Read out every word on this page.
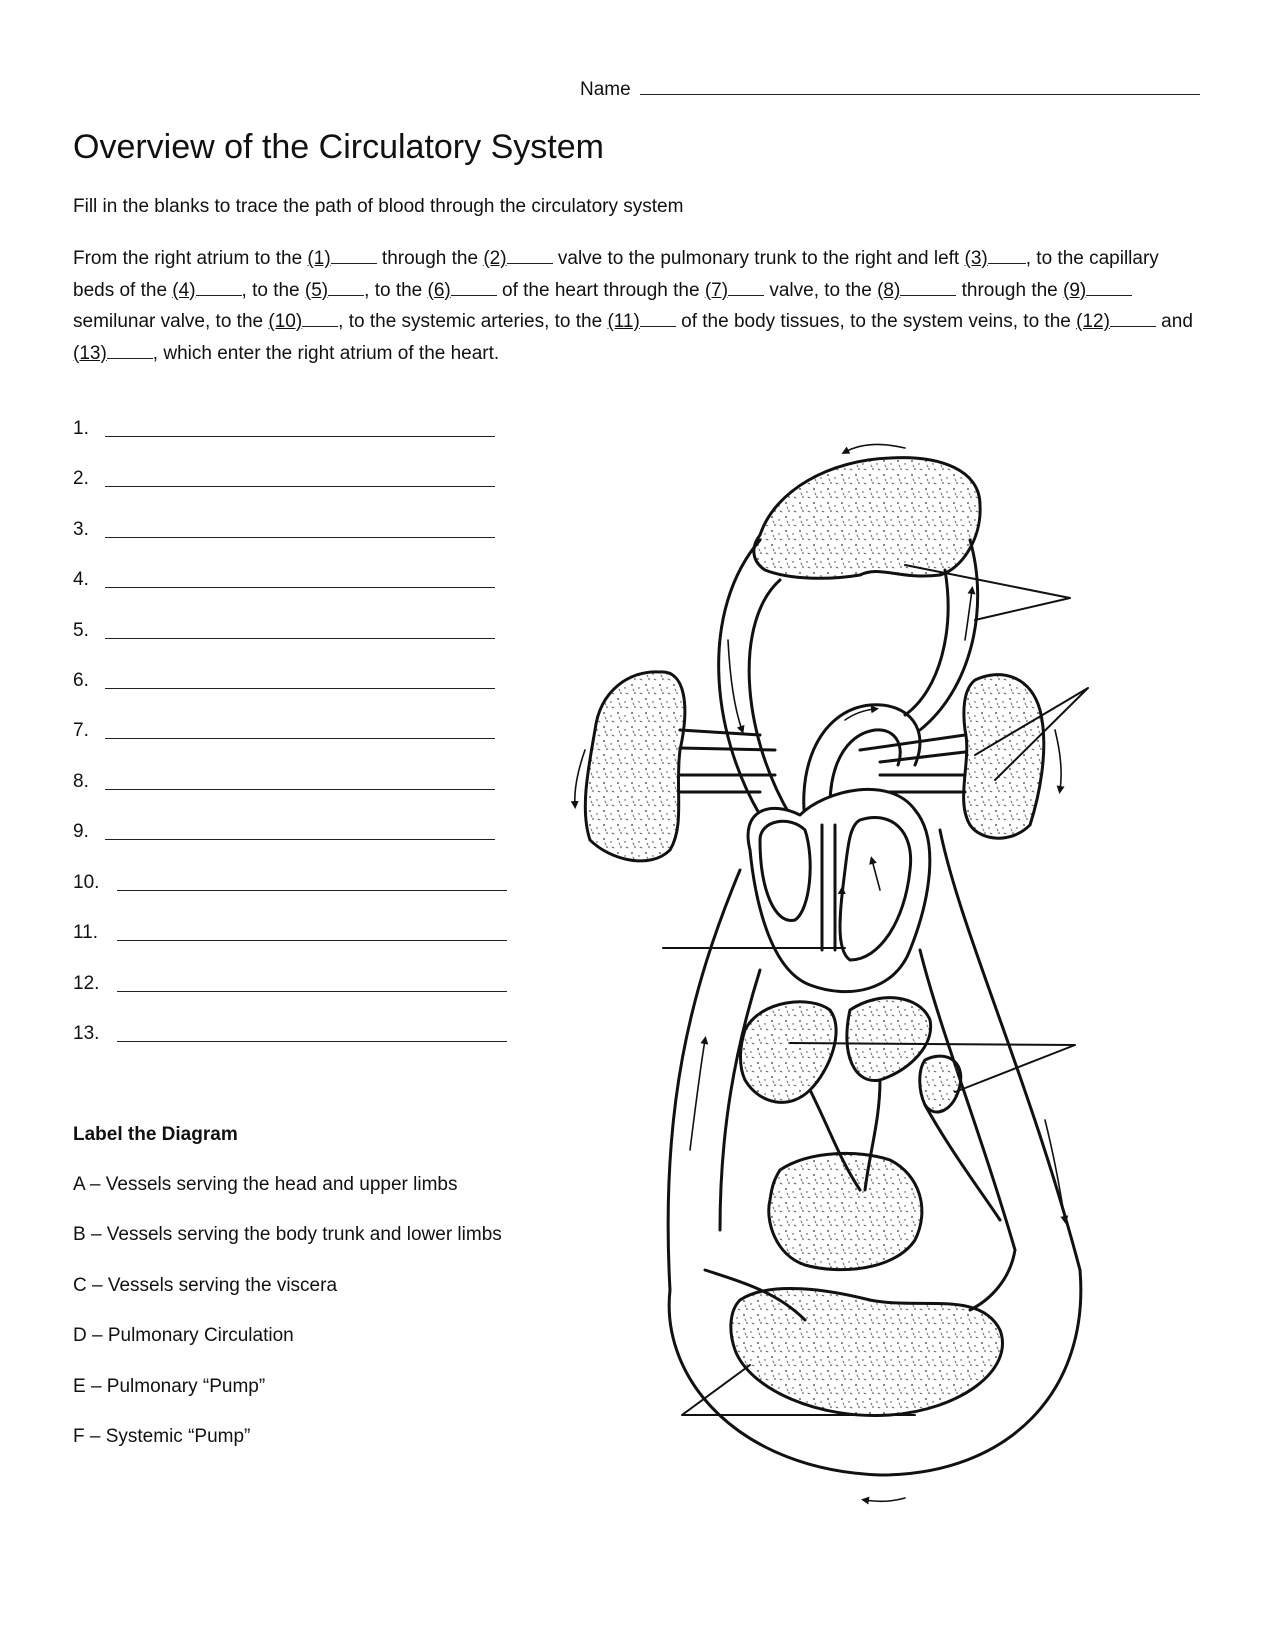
Name
Overview of the Circulatory System
Fill in the blanks to trace the path of blood through the circulatory system
From the right atrium to the (1) through the (2) valve to the pulmonary trunk to the right and left (3) , to the capillary beds of the (4) , to the (5) , to the (6) of the heart through the (7) valve, to the (8)	through the (9) semilunar valve, to the (10) , to the systemic arteries, to the (11) of the body tissues, to the system veins, to the (12) and (13) , which enter the right atrium of the heart.
1.
2.
3.
4.
5.
6.
7.
8.
9.
10.
11.
12.
13.
Label the Diagram
A – Vessels serving the head and upper limbs
B – Vessels serving the body trunk and lower limbs
C – Vessels serving the viscera
D – Pulmonary Circulation
E – Pulmonary “Pump”
F – Systemic “Pump”
